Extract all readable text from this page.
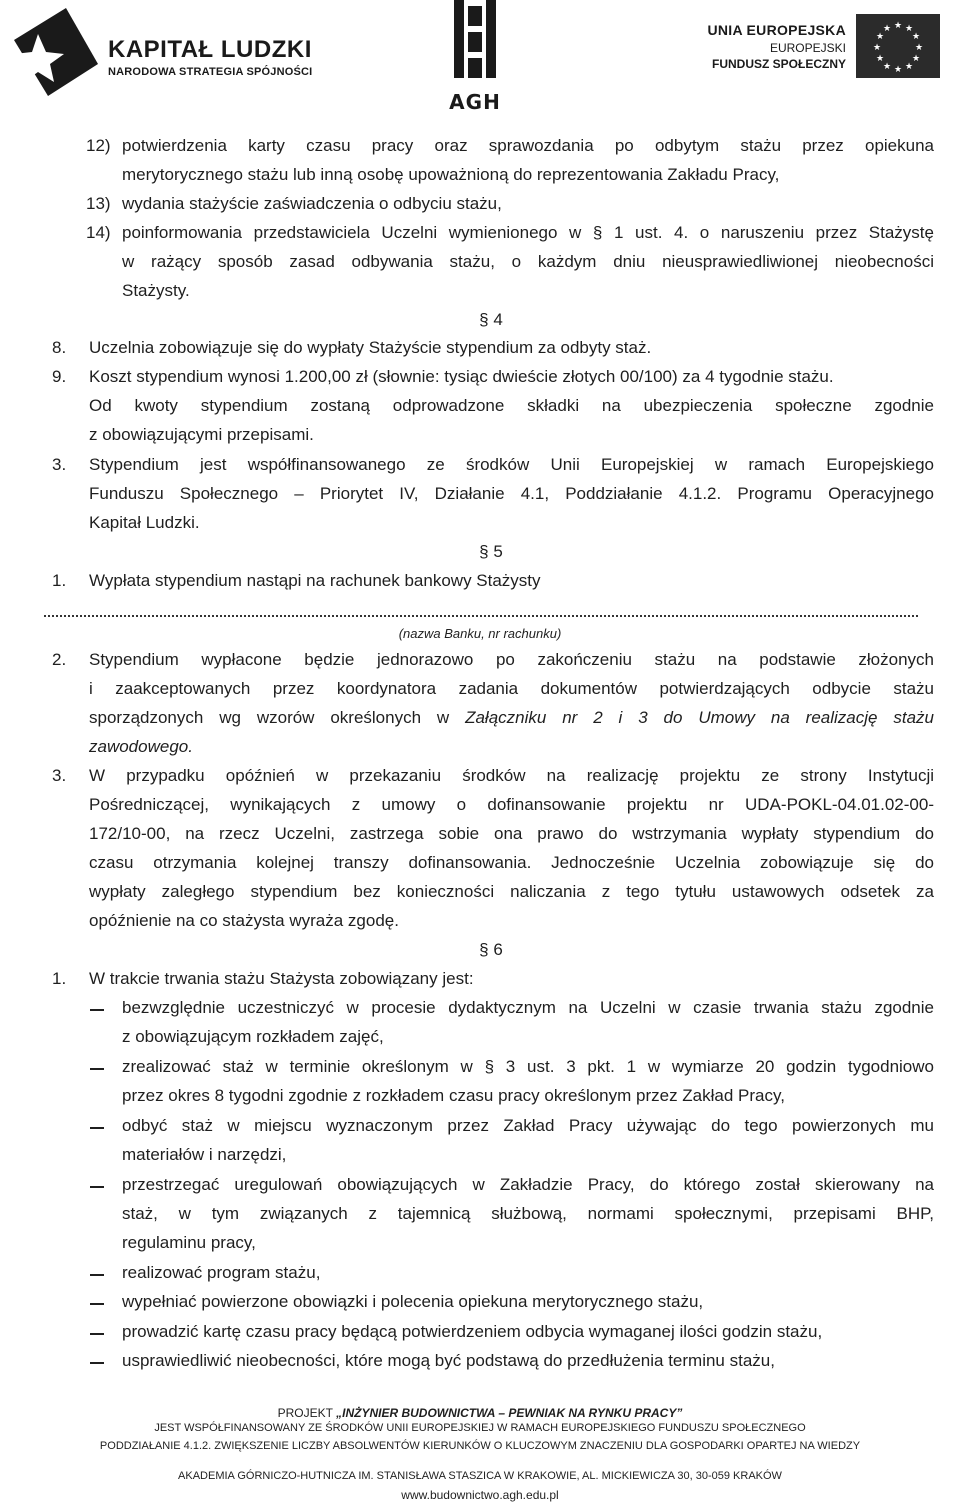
KAPITAŁ LUDZKI
NARODOWA STRATEGIA SPÓJNOŚCI
AGH
UNIA EUROPEJSKA
EUROPEJSKI
FUNDUSZ SPOŁECZNY
★ ★
★
★
★
★
★
★
★
★
★
★
12) potwierdzenia karty czasu pracy oraz sprawozdania po odbytym stażu przez opiekuna
merytorycznego stażu lub inną osobę upoważnioną do reprezentowania Zakładu Pracy,
13) wydania stażyście zaświadczenia o odbyciu stażu,
14) poinformowania przedstawiciela Uczelni wymienionego w § 1 ust. 4. o naruszeniu przez Stażystę
w rażący sposób zasad odbywania stażu, o każdym dniu nieusprawiedliwionej nieobecności
Stażysty.
§ 4
8. Uczelnia zobowiązuje się do wypłaty Stażyście stypendium za odbyty staż.
9. Koszt stypendium wynosi 1.200,00 zł (słownie: tysiąc dwieście złotych 00/100) za 4 tygodnie stażu.
Od kwoty stypendium zostaną odprowadzone składki na ubezpieczenia społeczne zgodnie
z obowiązującymi przepisami.
3. Stypendium jest współfinansowanego ze środków Unii Europejskiej w ramach Europejskiego
Funduszu Społecznego – Priorytet IV, Działanie 4.1, Poddziałanie 4.1.2. Programu Operacyjnego
Kapitał Ludzki.
§ 5
1. Wypłata stypendium nastąpi na rachunek bankowy Stażysty
(nazwa Banku, nr rachunku)
2. Stypendium wypłacone będzie jednorazowo po zakończeniu stażu na podstawie złożonych
i zaakceptowanych przez koordynatora zadania dokumentów potwierdzających odbycie stażu
sporządzonych wg wzorów określonych w Załączniku nr 2 i 3 do Umowy na realizację stażu
zawodowego.
3. W przypadku opóźnień w przekazaniu środków na realizację projektu ze strony Instytucji
Pośredniczącej, wynikających z umowy o dofinansowanie projektu nr UDA-POKL-04.01.02-00-
172/10-00, na rzecz Uczelni, zastrzega sobie ona prawo do wstrzymania wypłaty stypendium do
czasu otrzymania kolejnej transzy dofinansowania. Jednocześnie Uczelnia zobowiązuje się do
wypłaty zaległego stypendium bez konieczności naliczania z tego tytułu ustawowych odsetek za
opóźnienie na co stażysta wyraża zgodę.
§ 6
1. W trakcie trwania stażu Stażysta zobowiązany jest:
bezwzględnie uczestniczyć w procesie dydaktycznym na Uczelni w czasie trwania stażu zgodnie
z obowiązującym rozkładem zajęć,
zrealizować staż w terminie określonym w § 3 ust. 3 pkt. 1 w wymiarze 20 godzin tygodniowo
przez okres 8 tygodni zgodnie z rozkładem czasu pracy określonym przez Zakład Pracy,
odbyć staż w miejscu wyznaczonym przez Zakład Pracy używając do tego powierzonych mu
materiałów i narzędzi,
przestrzegać uregulowań obowiązujących w Zakładzie Pracy, do którego został skierowany na
staż, w tym związanych z tajemnicą służbową, normami społecznymi, przepisami BHP,
regulaminu pracy,
realizować program stażu,
wypełniać powierzone obowiązki i polecenia opiekuna merytorycznego stażu,
prowadzić kartę czasu pracy będącą potwierdzeniem odbycia wymaganej ilości godzin stażu,
usprawiedliwić nieobecności, które mogą być podstawą do przedłużenia terminu stażu,
PROJEKT „INŻYNIER BUDOWNICTWA – PEWNIAK NA RYNKU PRACY”
JEST WSPÓŁFINANSOWANY ZE ŚRODKÓW UNII EUROPEJSKIEJ W RAMACH EUROPEJSKIEGO FUNDUSZU SPOŁECZNEGO
PODDZIAŁANIE 4.1.2. ZWIĘKSZENIE LICZBY ABSOLWENTÓW KIERUNKÓW O KLUCZOWYM ZNACZENIU DLA GOSPODARKI OPARTEJ NA WIEDZY
AKADEMIA GÓRNICZO-HUTNICZA IM. STANISŁAWA STASZICA W KRAKOWIE, AL. MICKIEWICZA 30, 30-059 KRAKÓW
www.budownictwo.agh.edu.pl
